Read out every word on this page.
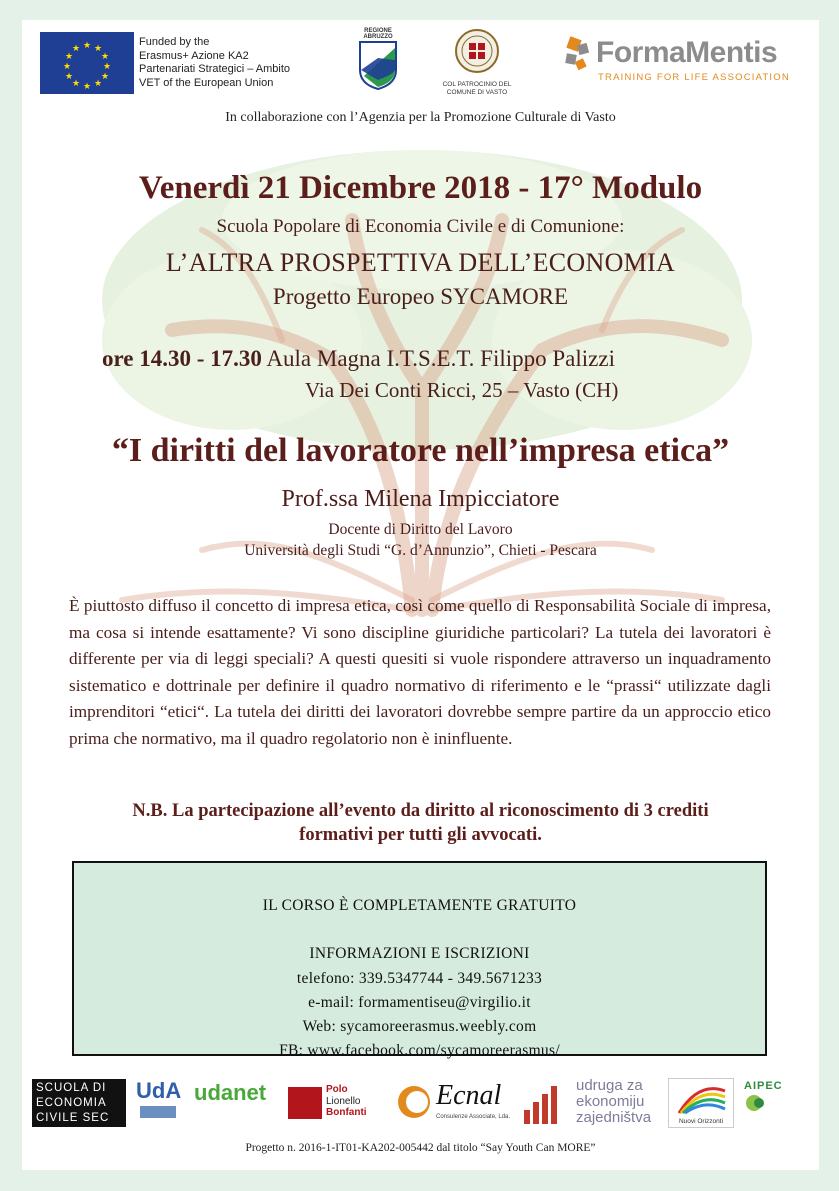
★ ★
★
★
★
★
★
★
★
★
★
★
Funded by the
Erasmus+ Azione KA2
Partenariati Strategici – Ambito
VET of the European Union
REGIONE ABRUZZO
COL PATROCINIO DEL
COMUNE DI VASTO
FormaMentis
TRAINING FOR LIFE ASSOCIATION
In collaborazione con l’Agenzia per la Promozione Culturale di Vasto
Venerdì 21 Dicembre 2018 - 17° Modulo
Scuola Popolare di Economia Civile e di Comunione:
L’ALTRA PROSPETTIVA DELL’ECONOMIA
Progetto Europeo SYCAMORE
ore 14.30 - 17.30 Aula Magna I.T.S.E.T. Filippo Palizzi
Via Dei Conti Ricci, 25 – Vasto (CH)
“I diritti del lavoratore nell’impresa etica”
Prof.ssa Milena Impicciatore
Docente di Diritto del Lavoro
Università degli Studi “G. d’Annunzio”, Chieti - Pescara
È piuttosto diffuso il concetto di impresa etica, così come quello di Responsabilità Sociale di impresa, ma cosa si intende esattamente? Vi sono discipline giuridiche particolari? La tutela dei lavoratori è differente per via di leggi speciali? A questi quesiti si vuole rispondere attraverso un inquadramento sistematico e dottrinale per definire il quadro normativo di riferimento e le “prassi“ utilizzate dagli imprenditori “etici“. La tutela dei diritti dei lavoratori dovrebbe sempre partire da un approccio etico prima che normativo, ma il quadro regolatorio non è ininfluente.
N.B. La partecipazione all’evento da diritto al riconoscimento di 3 crediti
formativi per tutti gli avvocati.
IL CORSO È COMPLETAMENTE GRATUITO
INFORMAZIONI E ISCRIZIONI
telefono: 339.5347744 - 349.5671233
e-mail: formamentiseu@virgilio.it
Web: sycamoreerasmus.weebly.com
FB: www.facebook.com/sycamoreerasmus/
SCUOLA DI
ECONOMIA
CIVILE SEC
UdA udanet	Polo
Lionello
Bonfanti
Ecnal
Consulenze Associate, Lda.
udruga za
ekonomiju
zajedništva	Nuovi Orizzonti
AIPEC
Progetto n. 2016-1-IT01-KA202-005442 dal titolo “Say Youth Can MORE”
